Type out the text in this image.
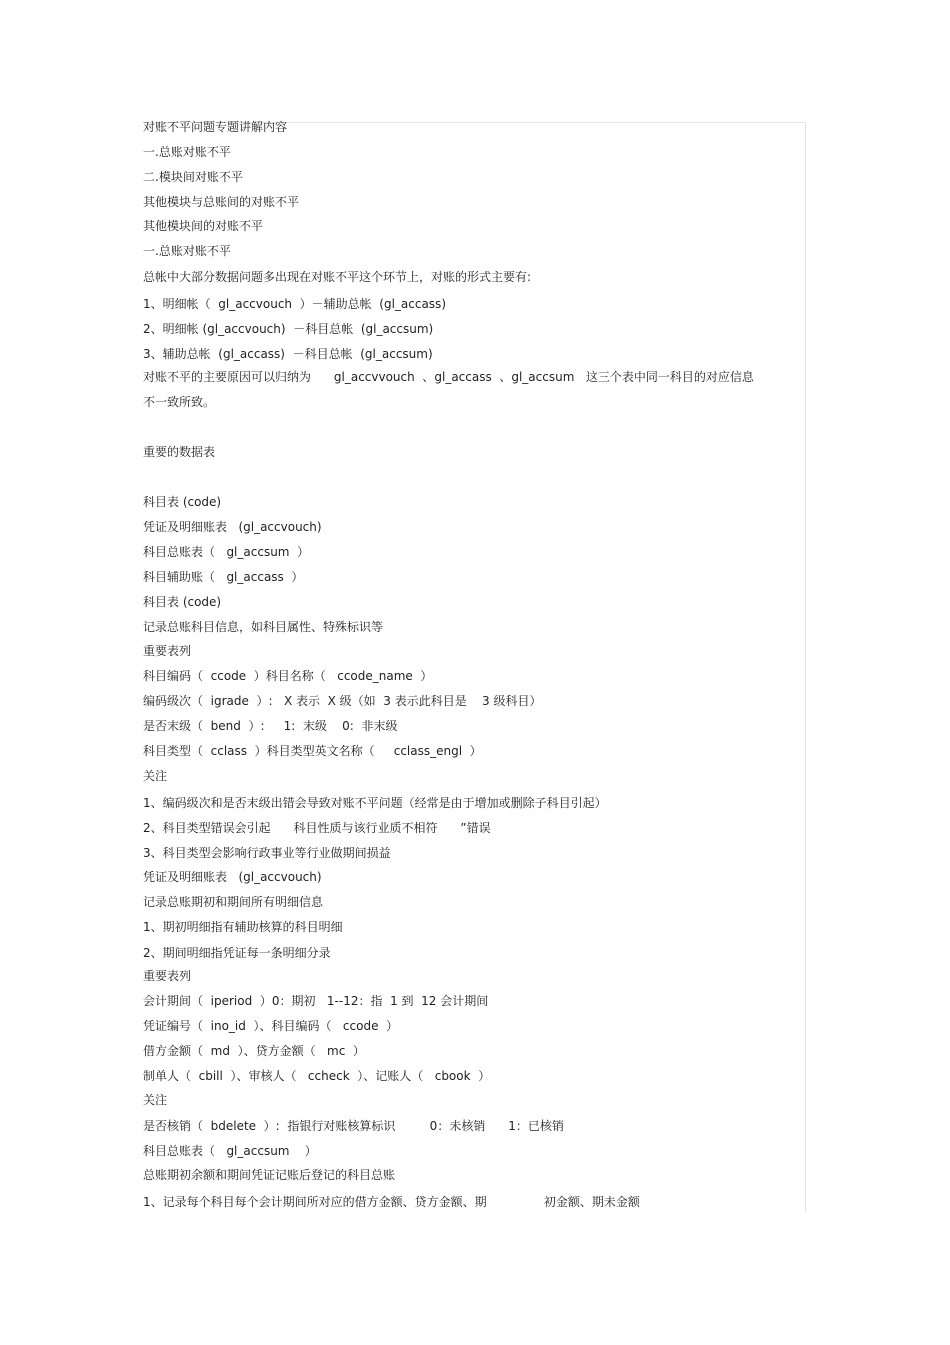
对账不平问题专题讲解内容
一.总账对账不平
二.模块间对账不平
其他模块与总账间的对账不平
其他模块间的对账不平
一.总账对账不平
总帐中大部分数据问题多出现在对账不平这个环节上，对账的形式主要有:
1、明细帐（  gl_accvouch  ）－辅助总帐  (gl_accass)
2、明细帐 (gl_accvouch)  －科目总帐  (gl_accsum)
3、辅助总帐  (gl_accass)  －科目总帐  (gl_accsum)
对账不平的主要原因可以归纳为      gl_accvvouch  、gl_accass  、gl_accsum   这三个表中同一科目的对应信息
不一致所致。
重要的数据表
科目表 (code)
凭证及明细账表   (gl_accvouch)
科目总账表（   gl_accsum  ）
科目辅助账（   gl_accass  ）
科目表 (code)
记录总账科目信息，如科目属性、特殊标识等
重要表列
科目编码（  ccode  ）科目名称（   ccode_name  ）
编码级次（  igrade  ）:   X 表示  X 级（如  3 表示此科目是    3 级科目）
是否末级（  bend  ）:     1:  末级    0:  非末级
科目类型（  cclass  ）科目类型英文名称（     cclass_engl  ）
关注
1、编码级次和是否末级出错会导致对账不平问题（经常是由于增加或删除子科目引起）
2、科目类型错误会引起      科目性质与该行业质不相符      ”错误
3、科目类型会影响行政事业等行业做期间损益
凭证及明细账表   (gl_accvouch)
记录总账期初和期间所有明细信息
1、期初明细指有辅助核算的科目明细
2、期间明细指凭证每一条明细分录
重要表列
会计期间（  iperiod  ）0：期初   1--12：指  1 到  12 会计期间
凭证编号（  ino_id  ）、科目编码（   ccode  ）
借方金额（  md  ）、贷方金额（   mc  ）
制单人（  cbill  ）、审核人（   ccheck  ）、记账人（   cbook  ）
关注
是否核销（  bdelete  ）:  指银行对账核算标识         0：未核销      1：已核销
科目总账表（   gl_accsum    ）
总账期初余额和期间凭证记账后登记的科目总账
1、记录每个科目每个会计期间所对应的借方金额、贷方金额、期               初金额、期未金额
